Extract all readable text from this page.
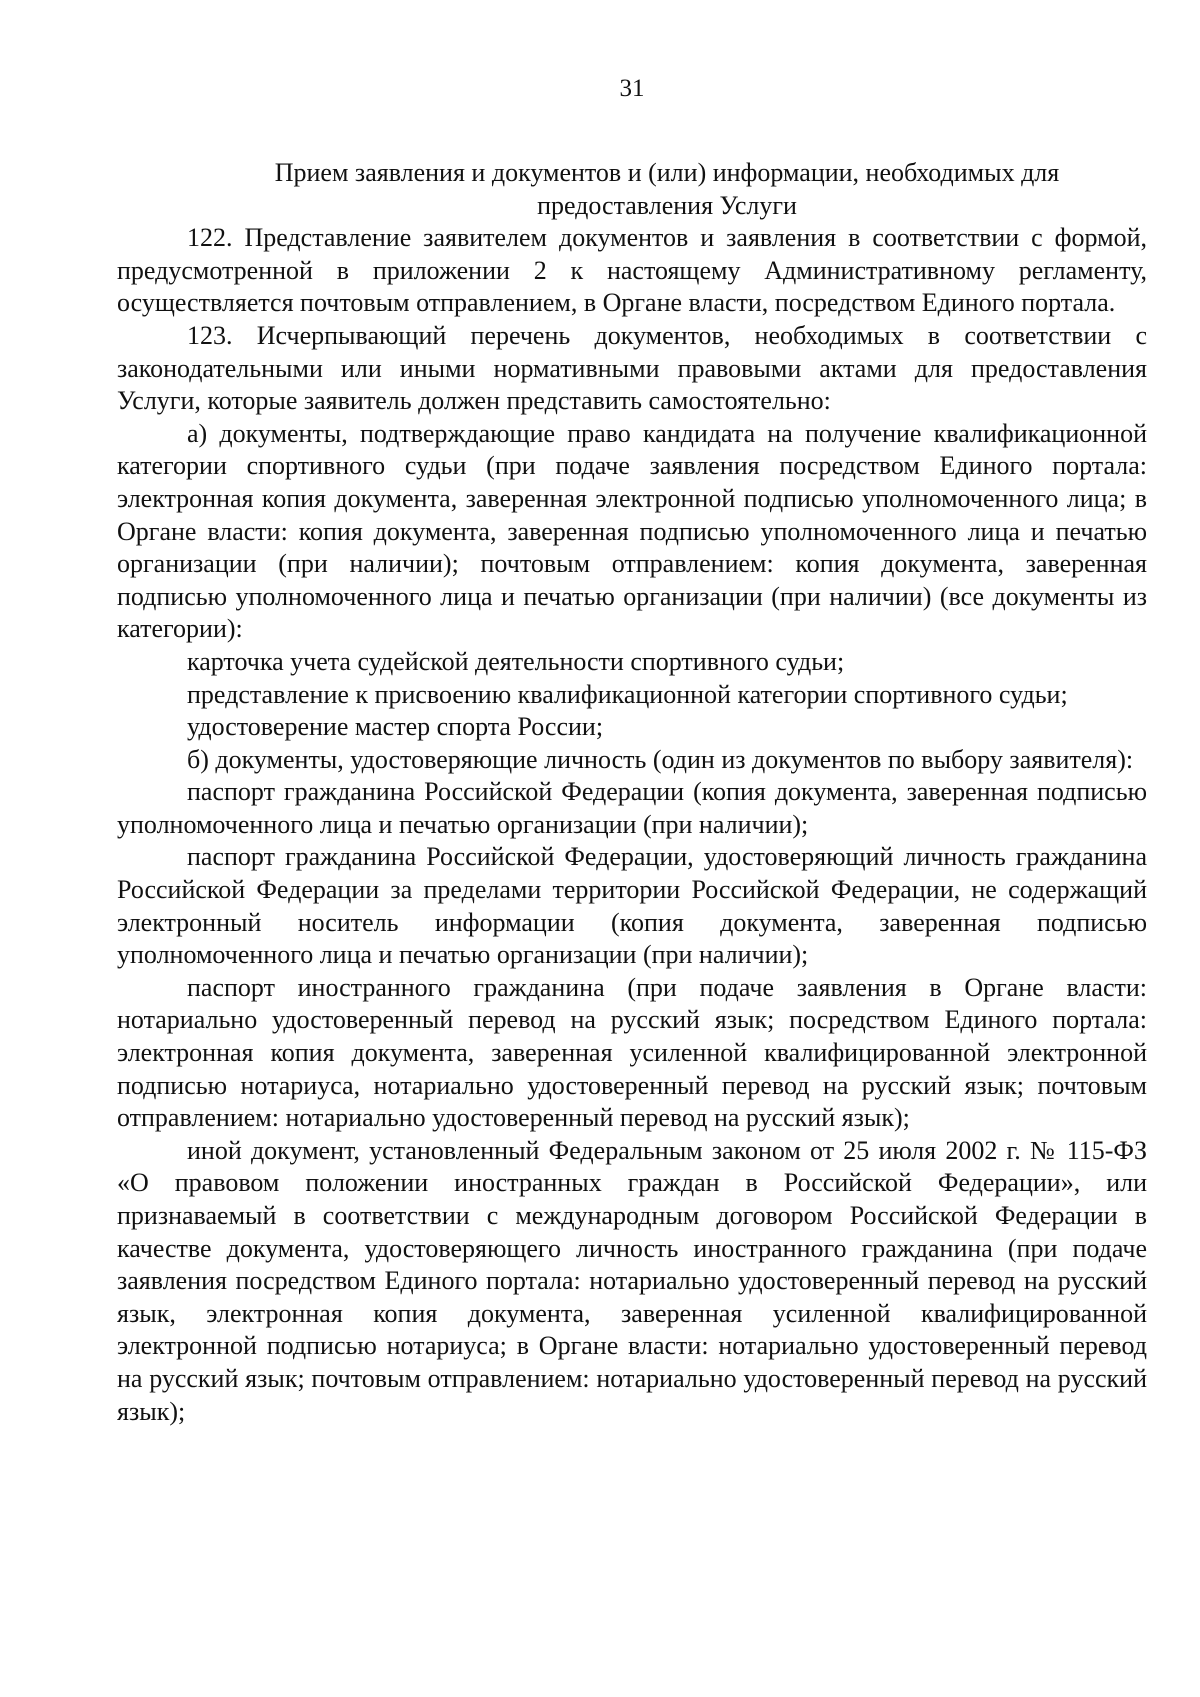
31
Прием заявления и документов и (или) информации, необходимых для
предоставления Услуги

122. Представление заявителем документов и заявления в соответствии с формой, предусмотренной в приложении 2 к настоящему Административному регламенту, осуществляется почтовым отправлением, в Органе власти, посредством Единого портала.

123. Исчерпывающий перечень документов, необходимых в соответствии с законодательными или иными нормативными правовыми актами для предоставления Услуги, которые заявитель должен представить самостоятельно:

а) документы, подтверждающие право кандидата на получение квалификационной категории спортивного судьи (при подаче заявления посредством Единого портала: электронная копия документа, заверенная электронной подписью уполномоченного лица; в Органе власти: копия документа, заверенная подписью уполномоченного лица и печатью организации (при наличии); почтовым отправлением: копия документа, заверенная подписью уполномоченного лица и печатью организации (при наличии) (все документы из категории):

карточка учета судейской деятельности спортивного судьи;

представление к присвоению квалификационной категории спортивного судьи;

удостоверение мастер спорта России;

б) документы, удостоверяющие личность (один из документов по выбору заявителя):

паспорт гражданина Российской Федерации (копия документа, заверенная подписью уполномоченного лица и печатью организации (при наличии);

паспорт гражданина Российской Федерации, удостоверяющий личность гражданина Российской Федерации за пределами территории Российской Федерации, не содержащий электронный носитель информации (копия документа, заверенная подписью уполномоченного лица и печатью организации (при наличии);

паспорт иностранного гражданина (при подаче заявления в Органе власти: нотариально удостоверенный перевод на русский язык; посредством Единого портала: электронная копия документа, заверенная усиленной квалифицированной электронной подписью нотариуса, нотариально удостоверенный перевод на русский язык; почтовым отправлением: нотариально удостоверенный перевод на русский язык);

иной документ, установленный Федеральным законом от 25 июля 2002 г. № 115-ФЗ «О правовом положении иностранных граждан в Российской Федерации», или признаваемый в соответствии с международным договором Российской Федерации в качестве документа, удостоверяющего личность иностранного гражданина (при подаче заявления посредством Единого портала: нотариально удостоверенный перевод на русский язык, электронная копия документа, заверенная усиленной квалифицированной электронной подписью нотариуса; в Органе власти: нотариально удостоверенный перевод на русский язык; почтовым отправлением: нотариально удостоверенный перевод на русский язык);
